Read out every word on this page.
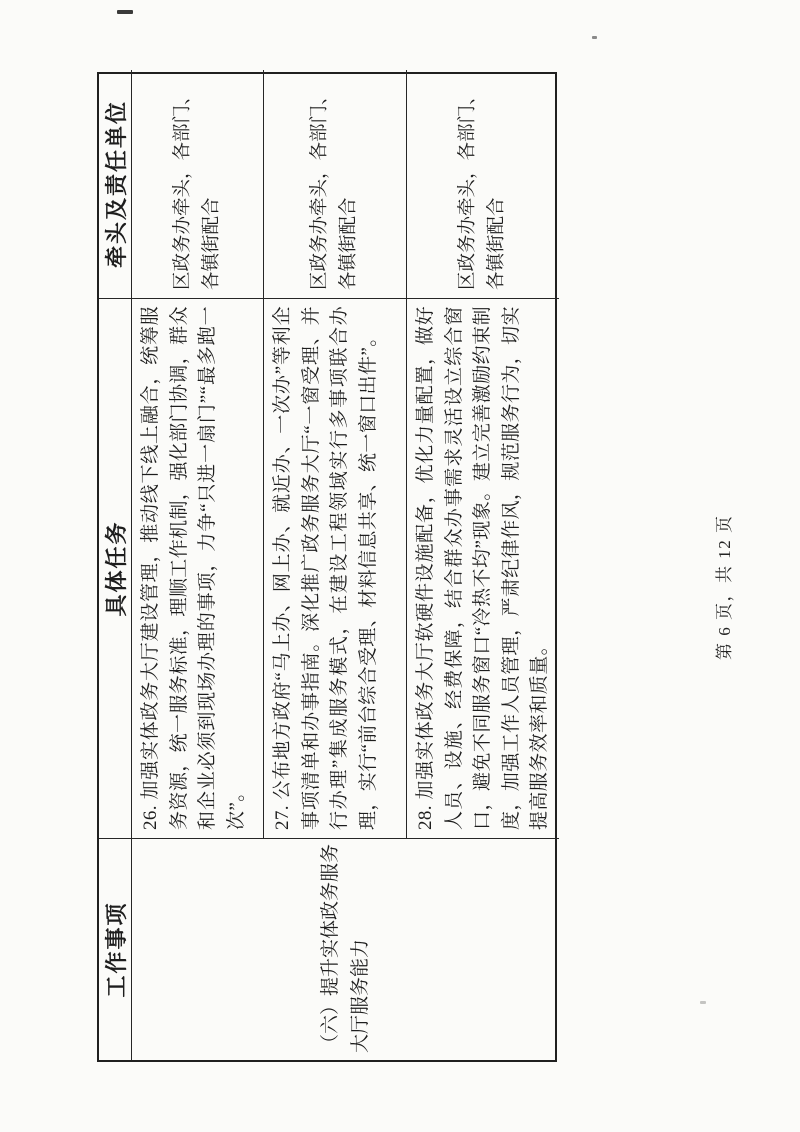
工作事项
具体任务
牵头及责任单位
（六）提升实体政务服务大厅服务能力
26. 加强实体政务大厅建设管理，推动线下线上融合，统筹服务资源，统一服务标准，理顺工作机制，强化部门协调，群众和企业必须到现场办理的事项，力争“只进一扇门”“最多跑一次”。
区政务办牵头，各部门、各镇街配合
27. 公布地方政府“马上办、网上办、就近办、一次办”等利企事项清单和办事指南。深化推广政务服务大厅“一窗受理、并行办理”集成服务模式，在建设工程领域实行多事项联合办理，实行“前台综合受理、材料信息共享、统一窗口出件”。
区政务办牵头，各部门、各镇街配合
28. 加强实体政务大厅软硬件设施配备，优化力量配置，做好人员、设施、经费保障，结合群众办事需求灵活设立综合窗口，避免不同服务窗口“冷热不均”现象。建立完善激励约束制度，加强工作人员管理，严肃纪律作风，规范服务行为，切实提高服务效率和质量。
区政务办牵头，各部门、各镇街配合
第 6 页，共 12 页
